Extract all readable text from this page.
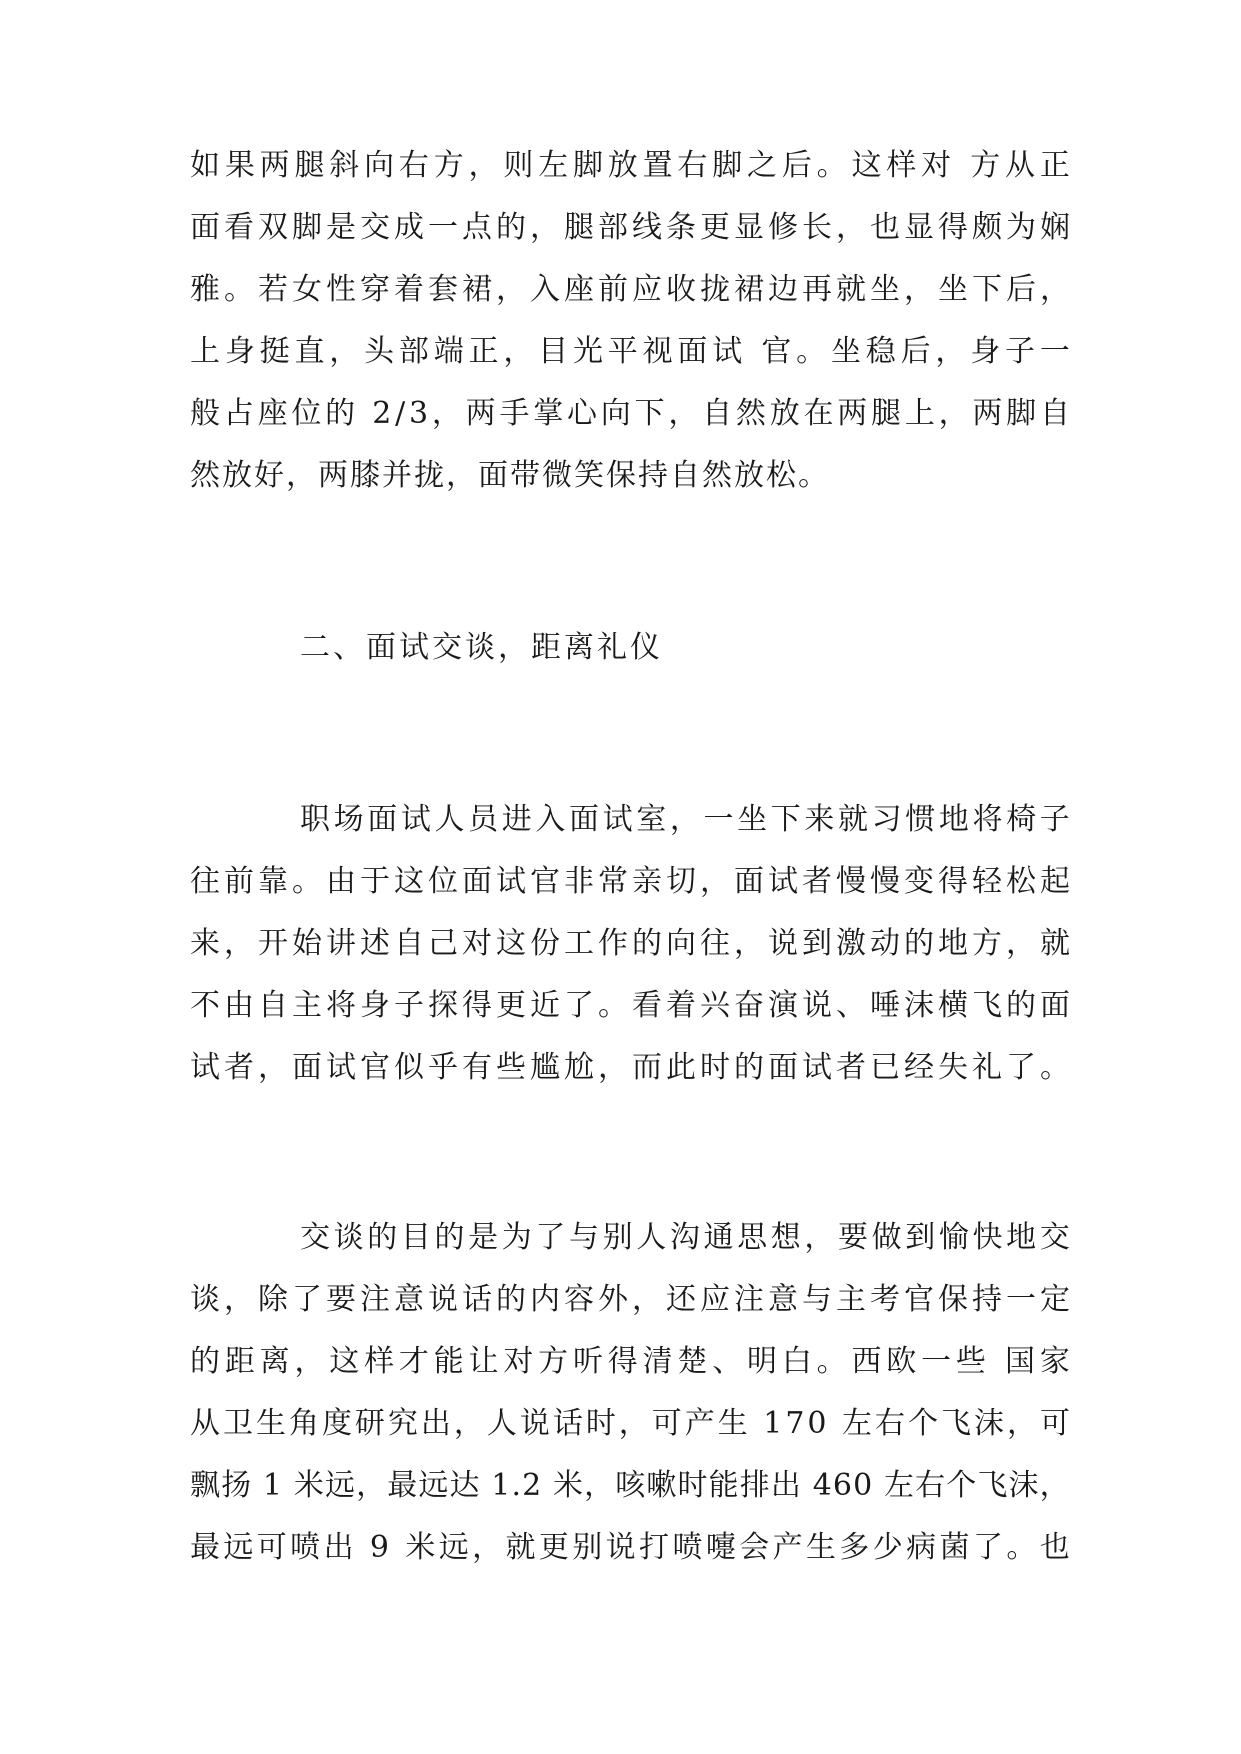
如 果 两 腿 斜 向 右 方 ， 则 左 脚 放 置 右 脚 之 后 。 这 样 对
方 从 正
面 看 双 脚 是 交 成 一 点 的 ， 腿 部 线 条 更 显 修 长 ， 也 显 得 颇 为 娴
雅 。 若 女 性 穿 着 套 裙 ， 入 座 前 应 收 拢 裙 边 再 就 坐 ， 坐 下 后 ，
上 身 挺 直 ， 头 部 端 正 ， 目 光 平 视 面 试
官 。 坐 稳 后 ， 身 子 一
般 占 座 位 的
2 / 3 ， 两 手 掌 心 向 下 ， 自 然 放 在 两 腿 上 ， 两 脚 自
然放好，两膝并拢，面带微笑保持自然放松。
二、面试交谈，距离礼仪
职 场 面 试 人 员 进 入 面 试 室 ， 一 坐 下 来 就 习 惯 地 将 椅 子
往 前 靠 。 由 于 这 位 面 试 官 非 常 亲 切 ， 面 试 者 慢 慢 变 得 轻 松 起
来 ， 开 始 讲 述 自 己 对 这 份 工 作 的 向 往 ， 说 到 激 动 的 地 方 ， 就
不 由 自 主 将 身 子 探 得 更 近 了 。 看 着 兴 奋 演 说 、 唾 沫 横 飞 的 面
试 者 ， 面 试 官 似 乎 有 些 尴 尬 ， 而 此 时 的 面 试 者 已 经 失 礼 了 。
交 谈 的 目 的 是 为 了 与 别 人 沟 通 思 想 ， 要 做 到 愉 快 地 交
谈 ， 除 了 要 注 意 说 话 的 内 容 外 ， 还 应 注 意 与 主 考 官 保 持 一 定
的 距 离 ， 这 样 才 能 让 对 方 听 得 清 楚 、 明 白 。 西 欧 一 些
国 家
从 卫 生 角 度 研 究 出 ， 人 说 话 时 ， 可 产 生
1 7 0
左 右 个 飞 沫 ， 可
飘 扬
1
米 远 ， 最 远 达
1 . 2
米 ， 咳 嗽 时 能 排 出
4 6 0
左 右 个 飞 沫 ，
最 远 可 喷 出
9
米 远 ， 就 更 别 说 打 喷 嚏 会 产 生 多 少 病 菌 了 。 也
